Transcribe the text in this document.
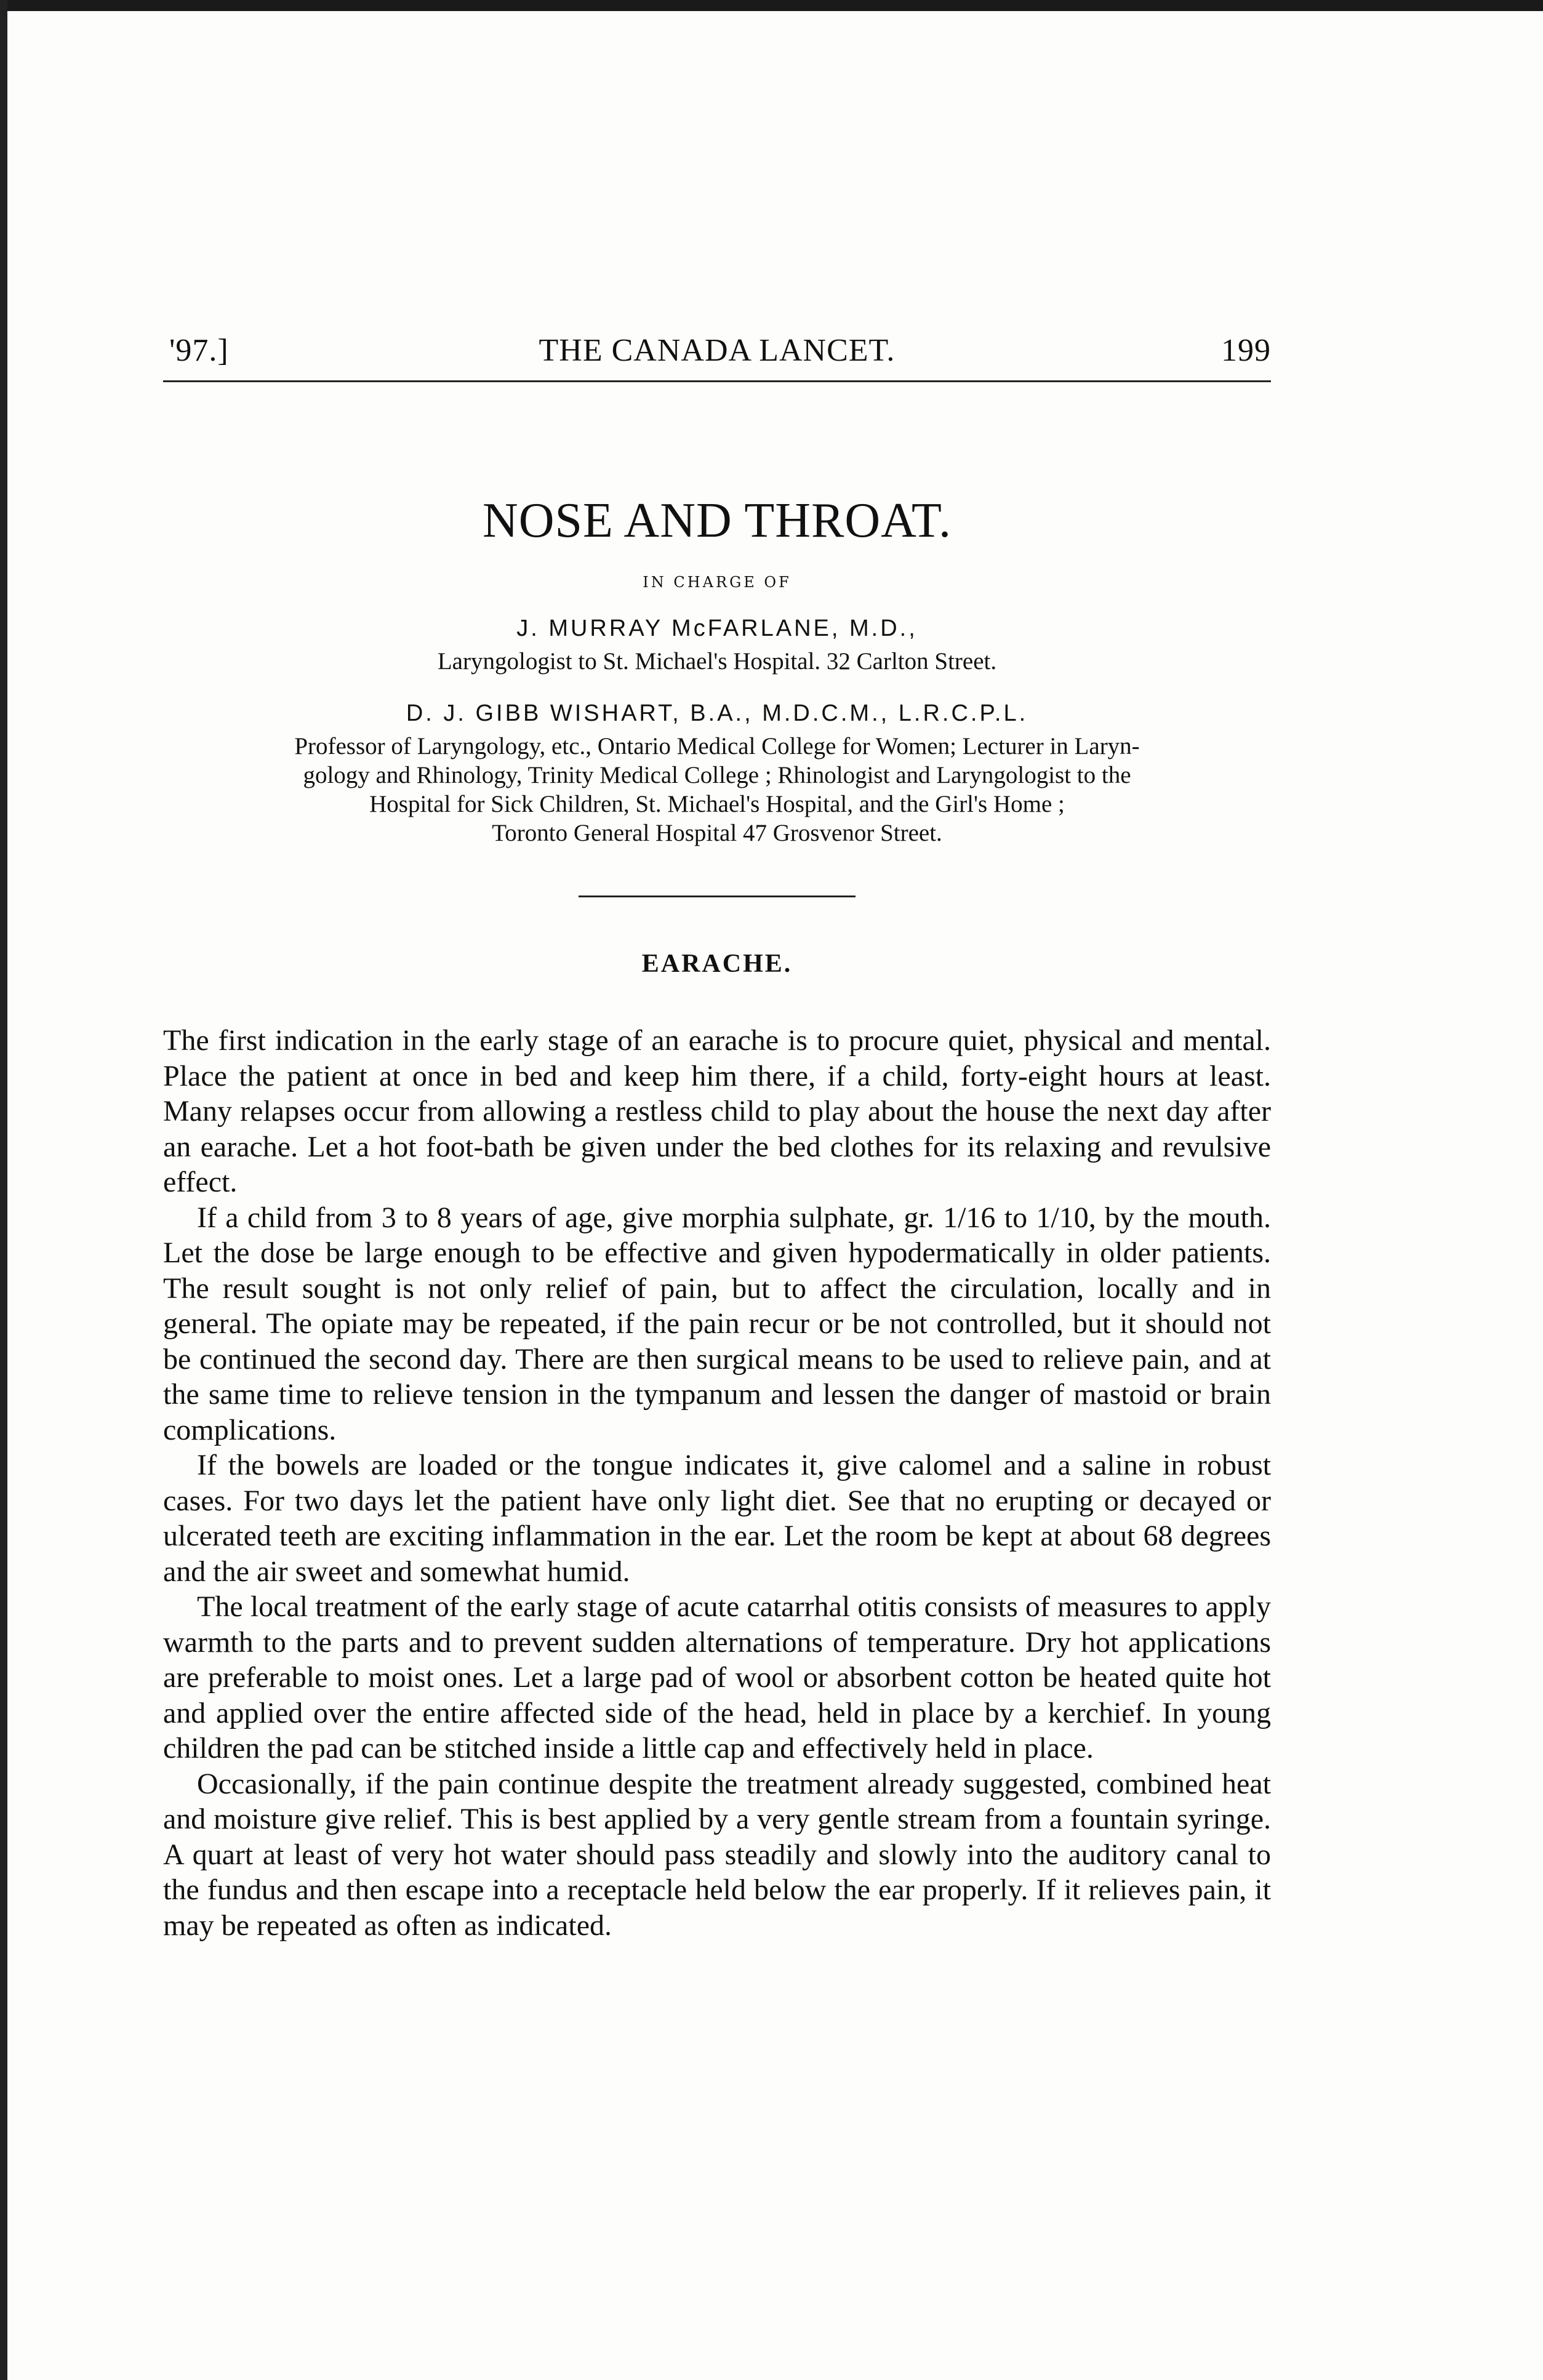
'97.]	THE CANADA LANCET.	199
NOSE AND THROAT.
IN CHARGE OF
J. MURRAY McFARLANE, M.D.,
Laryngologist to St. Michael's Hospital. 32 Carlton Street.
D. J. GIBB WISHART, B.A., M.D.C.M., L.R.C.P.L.
Professor of Laryngology, etc., Ontario Medical College for Women; Lecturer in Laryn-
gology and Rhinology, Trinity Medical College ; Rhinologist and Laryngologist to the
Hospital for Sick Children, St. Michael's Hospital, and the Girl's Home ;
Toronto General Hospital 47 Grosvenor Street.
EARACHE.

The first indication in the early stage of an earache is to procure quiet, physical and mental. Place the patient at once in bed and keep him there, if a child, forty-eight hours at least. Many relapses occur from allowing a restless child to play about the house the next day after an earache. Let a hot foot-bath be given under the bed clothes for its relaxing and revulsive effect.

If a child from 3 to 8 years of age, give morphia sulphate, gr. 1/16 to 1/10, by the mouth. Let the dose be large enough to be effective and given hypodermatically in older patients. The result sought is not only relief of pain, but to affect the circulation, locally and in general. The opiate may be repeated, if the pain recur or be not controlled, but it should not be continued the second day. There are then surgical means to be used to relieve pain, and at the same time to relieve tension in the tympanum and lessen the danger of mastoid or brain complications.

If the bowels are loaded or the tongue indicates it, give calomel and a saline in robust cases. For two days let the patient have only light diet. See that no erupting or decayed or ulcerated teeth are exciting inflammation in the ear. Let the room be kept at about 68 degrees and the air sweet and somewhat humid.

The local treatment of the early stage of acute catarrhal otitis consists of measures to apply warmth to the parts and to prevent sudden alternations of temperature. Dry hot applications are preferable to moist ones. Let a large pad of wool or absorbent cotton be heated quite hot and applied over the entire affected side of the head, held in place by a kerchief. In young children the pad can be stitched inside a little cap and effectively held in place.

Occasionally, if the pain continue despite the treatment already suggested, combined heat and moisture give relief. This is best applied by a very gentle stream from a fountain syringe. A quart at least of very hot water should pass steadily and slowly into the auditory canal to the fundus and then escape into a receptacle held below the ear properly. If it relieves pain, it may be repeated as often as indicated.
